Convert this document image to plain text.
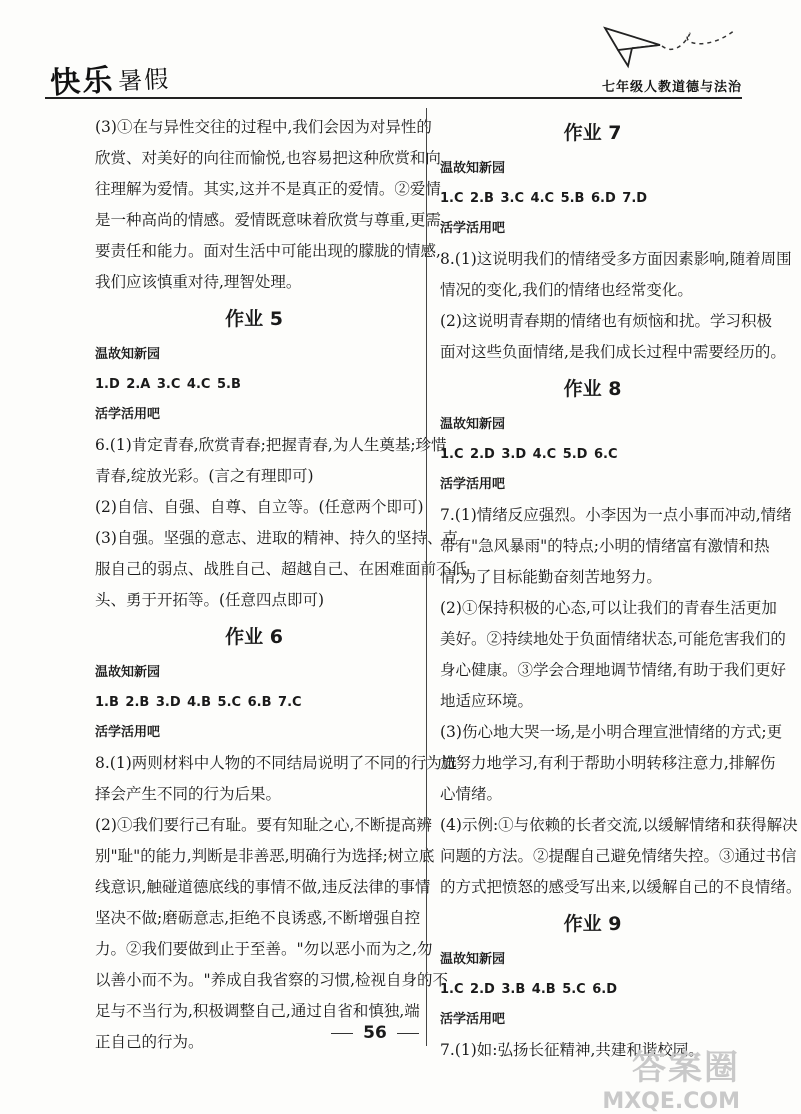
快乐 暑假	七年级人教道德与法治

(3)①在与异性交往的过程中,我们会因为对异性的

欣赏、对美好的向往而愉悦,也容易把这种欣赏和向

往理解为爱情。其实,这并不是真正的爱情。②爱情

是一种高尚的情感。爱情既意味着欣赏与尊重,更需

要责任和能力。面对生活中可能出现的朦胧的情感,

我们应该慎重对待,理智处理。

作业 5

温故知新园

1.D 2.A 3.C 4.C 5.B

活学活用吧

6.(1)肯定青春,欣赏青春;把握青春,为人生奠基;珍惜

青春,绽放光彩。(言之有理即可)

(2)自信、自强、自尊、自立等。(任意两个即可)

(3)自强。坚强的意志、进取的精神、持久的坚持、克

服自己的弱点、战胜自己、超越自己、在困难面前不低

头、勇于开拓等。(任意四点即可)

作业 6

温故知新园

1.B 2.B 3.D 4.B 5.C 6.B 7.C

活学活用吧

8.(1)两则材料中人物的不同结局说明了不同的行为选

择会产生不同的行为后果。

(2)①我们要行己有耻。要有知耻之心,不断提高辨

别"耻"的能力,判断是非善恶,明确行为选择;树立底

线意识,触碰道德底线的事情不做,违反法律的事情

坚决不做;磨砺意志,拒绝不良诱惑,不断增强自控

力。②我们要做到止于至善。"勿以恶小而为之,勿

以善小而不为。"养成自我省察的习惯,检视自身的不

足与不当行为,积极调整自己,通过自省和慎独,端

正自己的行为。

作业 7

温故知新园

1.C 2.B 3.C 4.C 5.B 6.D 7.D

活学活用吧

8.(1)这说明我们的情绪受多方面因素影响,随着周围

情况的变化,我们的情绪也经常变化。

(2)这说明青春期的情绪也有烦恼和扰。学习积极

面对这些负面情绪,是我们成长过程中需要经历的。

作业 8

温故知新园

1.C 2.D 3.D 4.C 5.D 6.C

活学活用吧

7.(1)情绪反应强烈。小李因为一点小事而冲动,情绪

带有"急风暴雨"的特点;小明的情绪富有激情和热

情,为了目标能勤奋刻苦地努力。

(2)①保持积极的心态,可以让我们的青春生活更加

美好。②持续地处于负面情绪状态,可能危害我们的

身心健康。③学会合理地调节情绪,有助于我们更好

地适应环境。

(3)伤心地大哭一场,是小明合理宣泄情绪的方式;更

加努力地学习,有利于帮助小明转移注意力,排解伤

心情绪。

(4)示例:①与依赖的长者交流,以缓解情绪和获得解决

问题的方法。②提醒自己避免情绪失控。③通过书信

的方式把愤怒的感受写出来,以缓解自己的不良情绪。

作业 9

温故知新园

1.C 2.D 3.B 4.B 5.C 6.D

活学活用吧

7.(1)如:弘扬长征精神,共建和谐校园。

56
答案圈
MXQE.COM
